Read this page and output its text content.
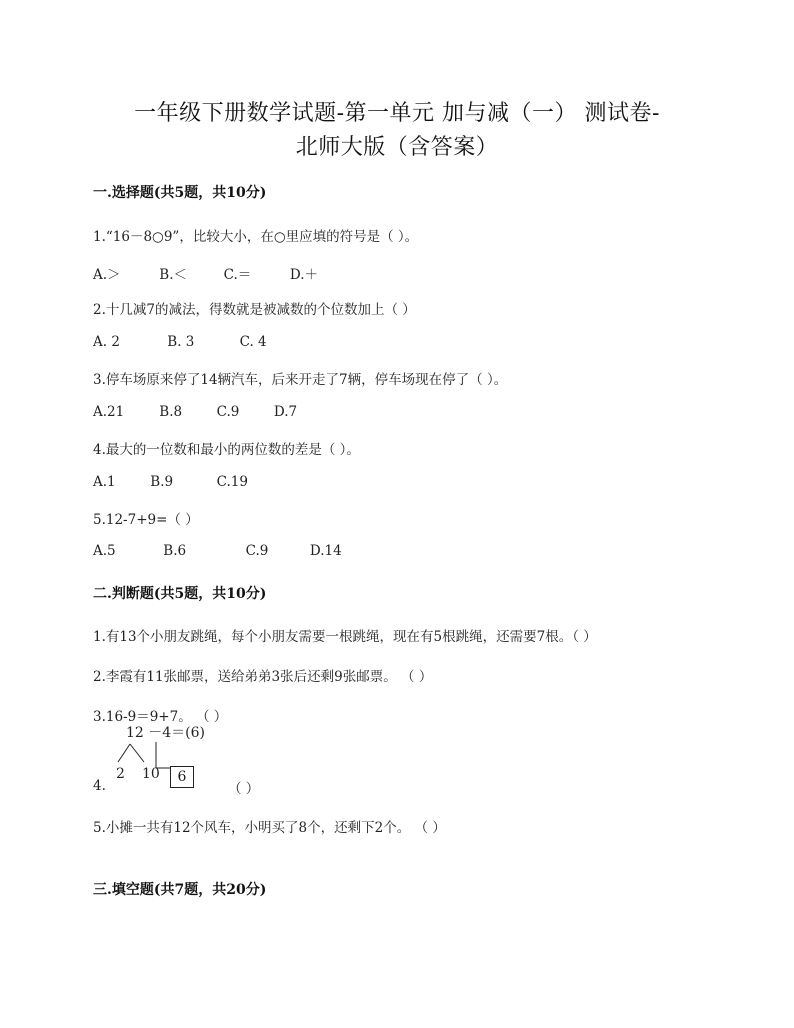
一年级下册数学试题-第一单元 加与减（一） 测试卷-
北师大版（含答案）
一.选择题(共5题，共10分)
1.“16－8○9”，比较大小，在○里应填的符号是（ ）。
A.＞	B.＜	C.＝	D.＋
2.十几减7的减法，得数就是被减数的个位数加上（ ）
A. 2	B. 3	C. 4
3.停车场原来停了14辆汽车，后来开走了7辆，停车场现在停了（ ）。
A.21	B.8	C.9	D.7
4.最大的一位数和最小的两位数的差是（ ）。
A.1	B.9	C.19
5.12-7+9=（ ）
A.5	B.6	C.9	D.14
二.判断题(共5题，共10分)
1.有13个小朋友跳绳，每个小朋友需要一根跳绳，现在有5根跳绳，还需要7根。（ ）
2.李霞有11张邮票，送给弟弟3张后还剩9张邮票。 （ ）
3.16-9＝9+7。 （ ）
12 －4＝(6)
2 10	6
4.	（ ）
5.小摊一共有12个风车，小明买了8个，还剩下2个。 （ ）
三.填空题(共7题，共20分)
